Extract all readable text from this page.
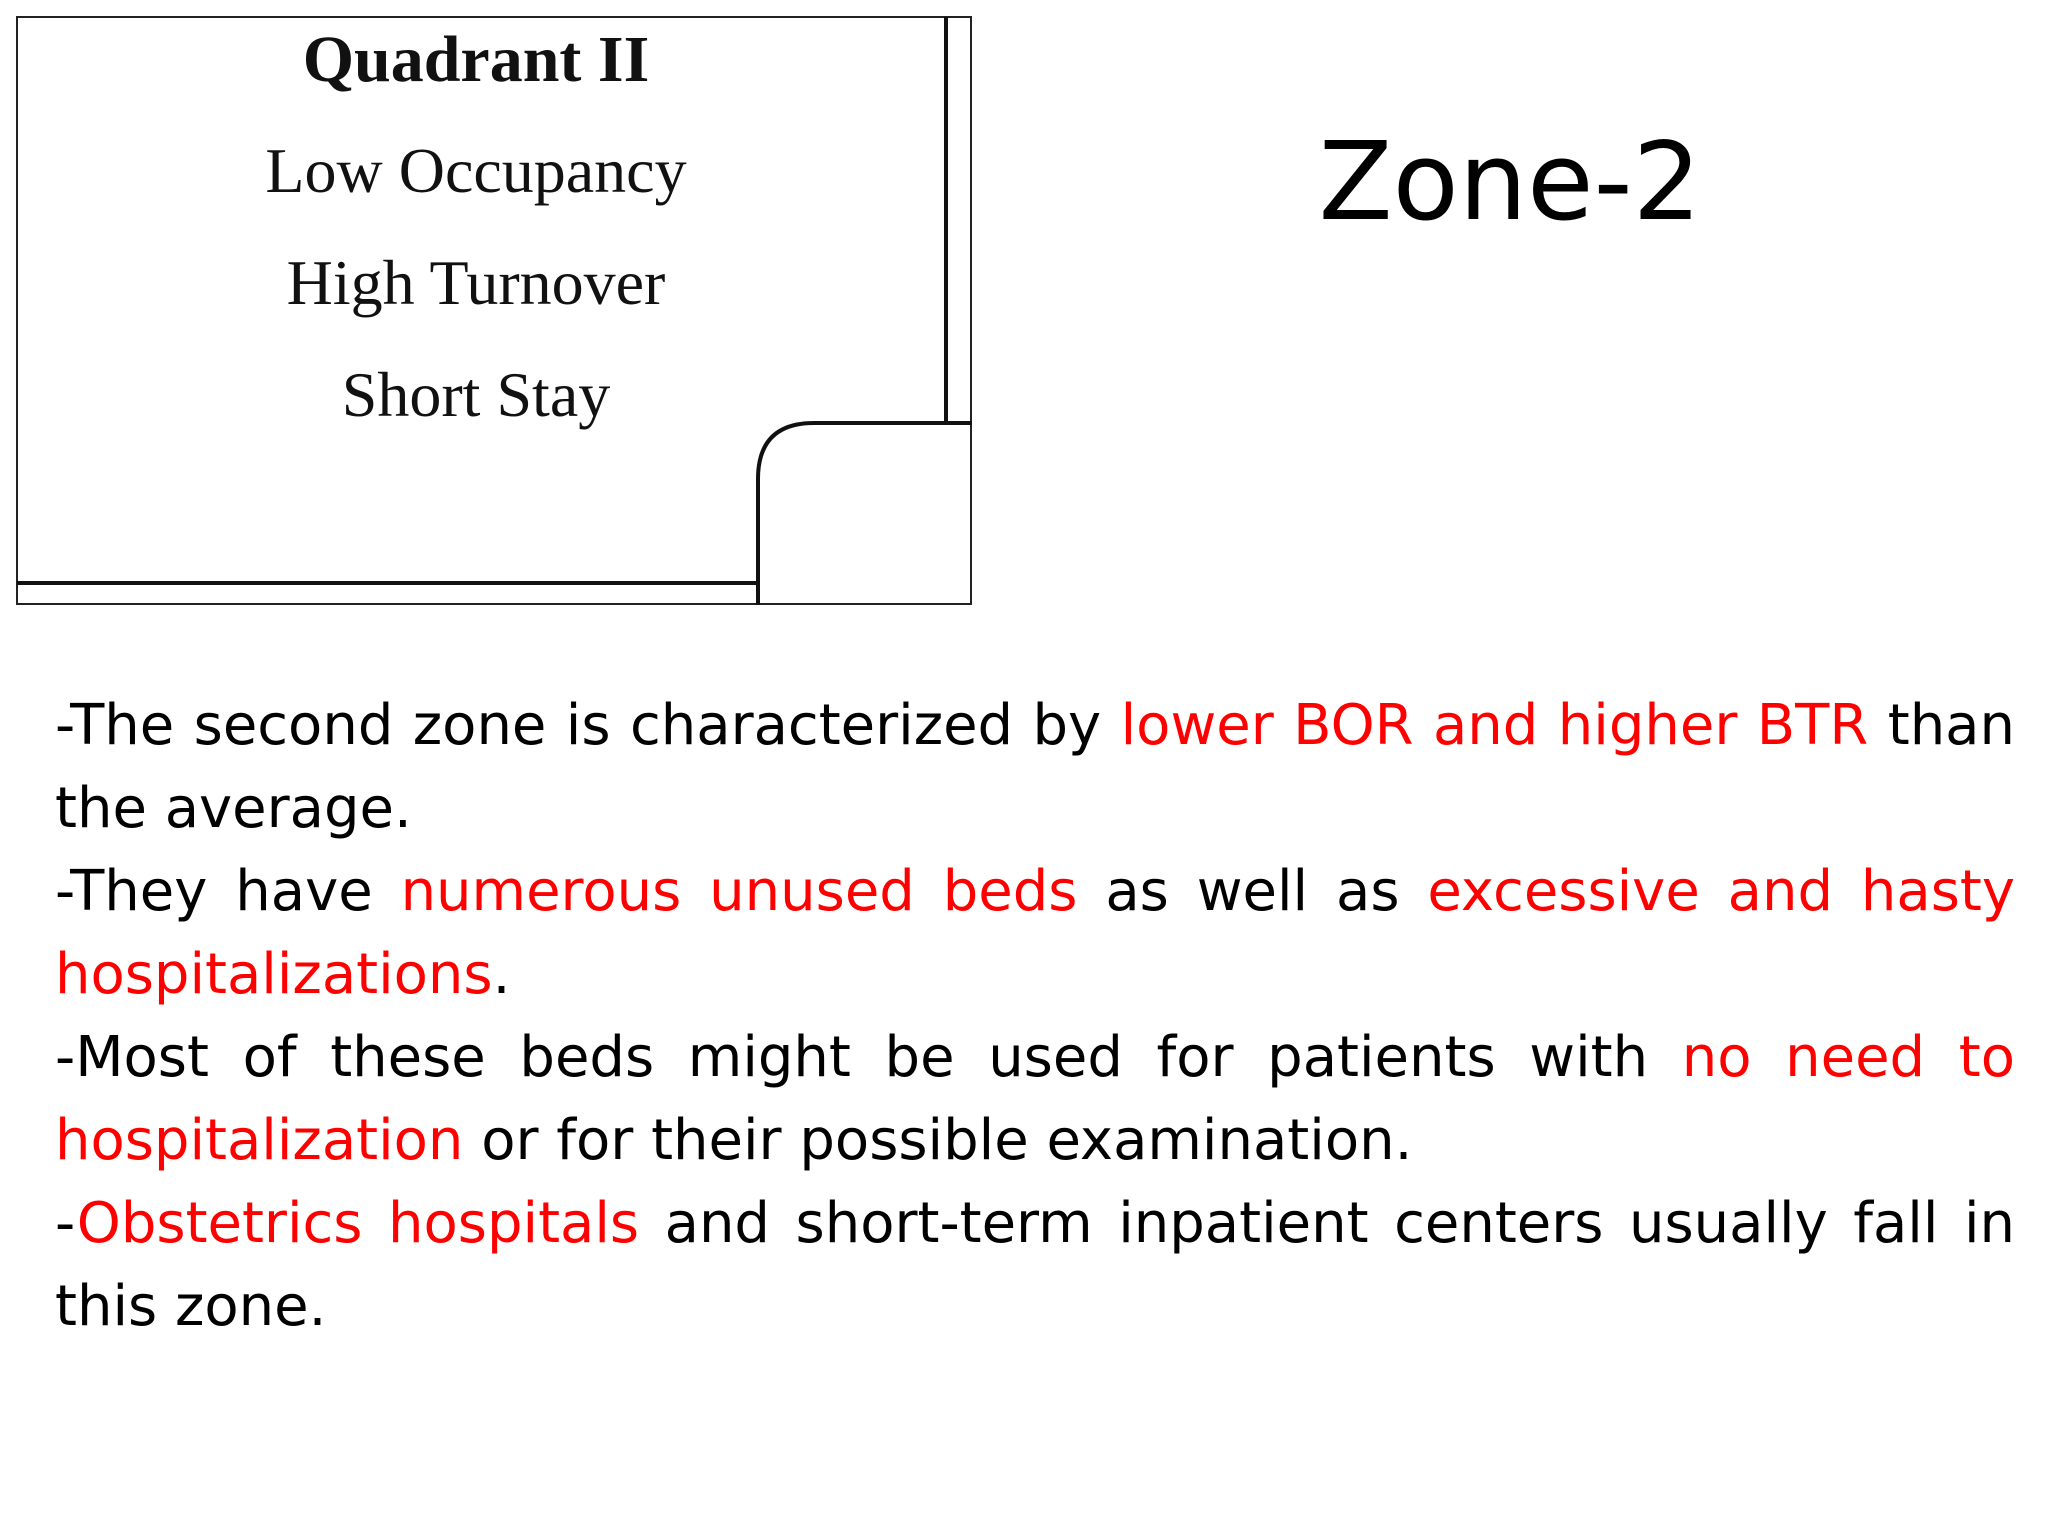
Quadrant II
Low Occupancy
High Turnover
Short Stay
Zone-2

-The second zone is characterized by lower BOR and higher BTR than the average.

-They have numerous unused beds as well as excessive and hasty hospitalizations.

-Most of these beds might be used for patients with no need to hospitalization or for their possible examination.

-Obstetrics hospitals and short-term inpatient centers usually fall in this zone.
